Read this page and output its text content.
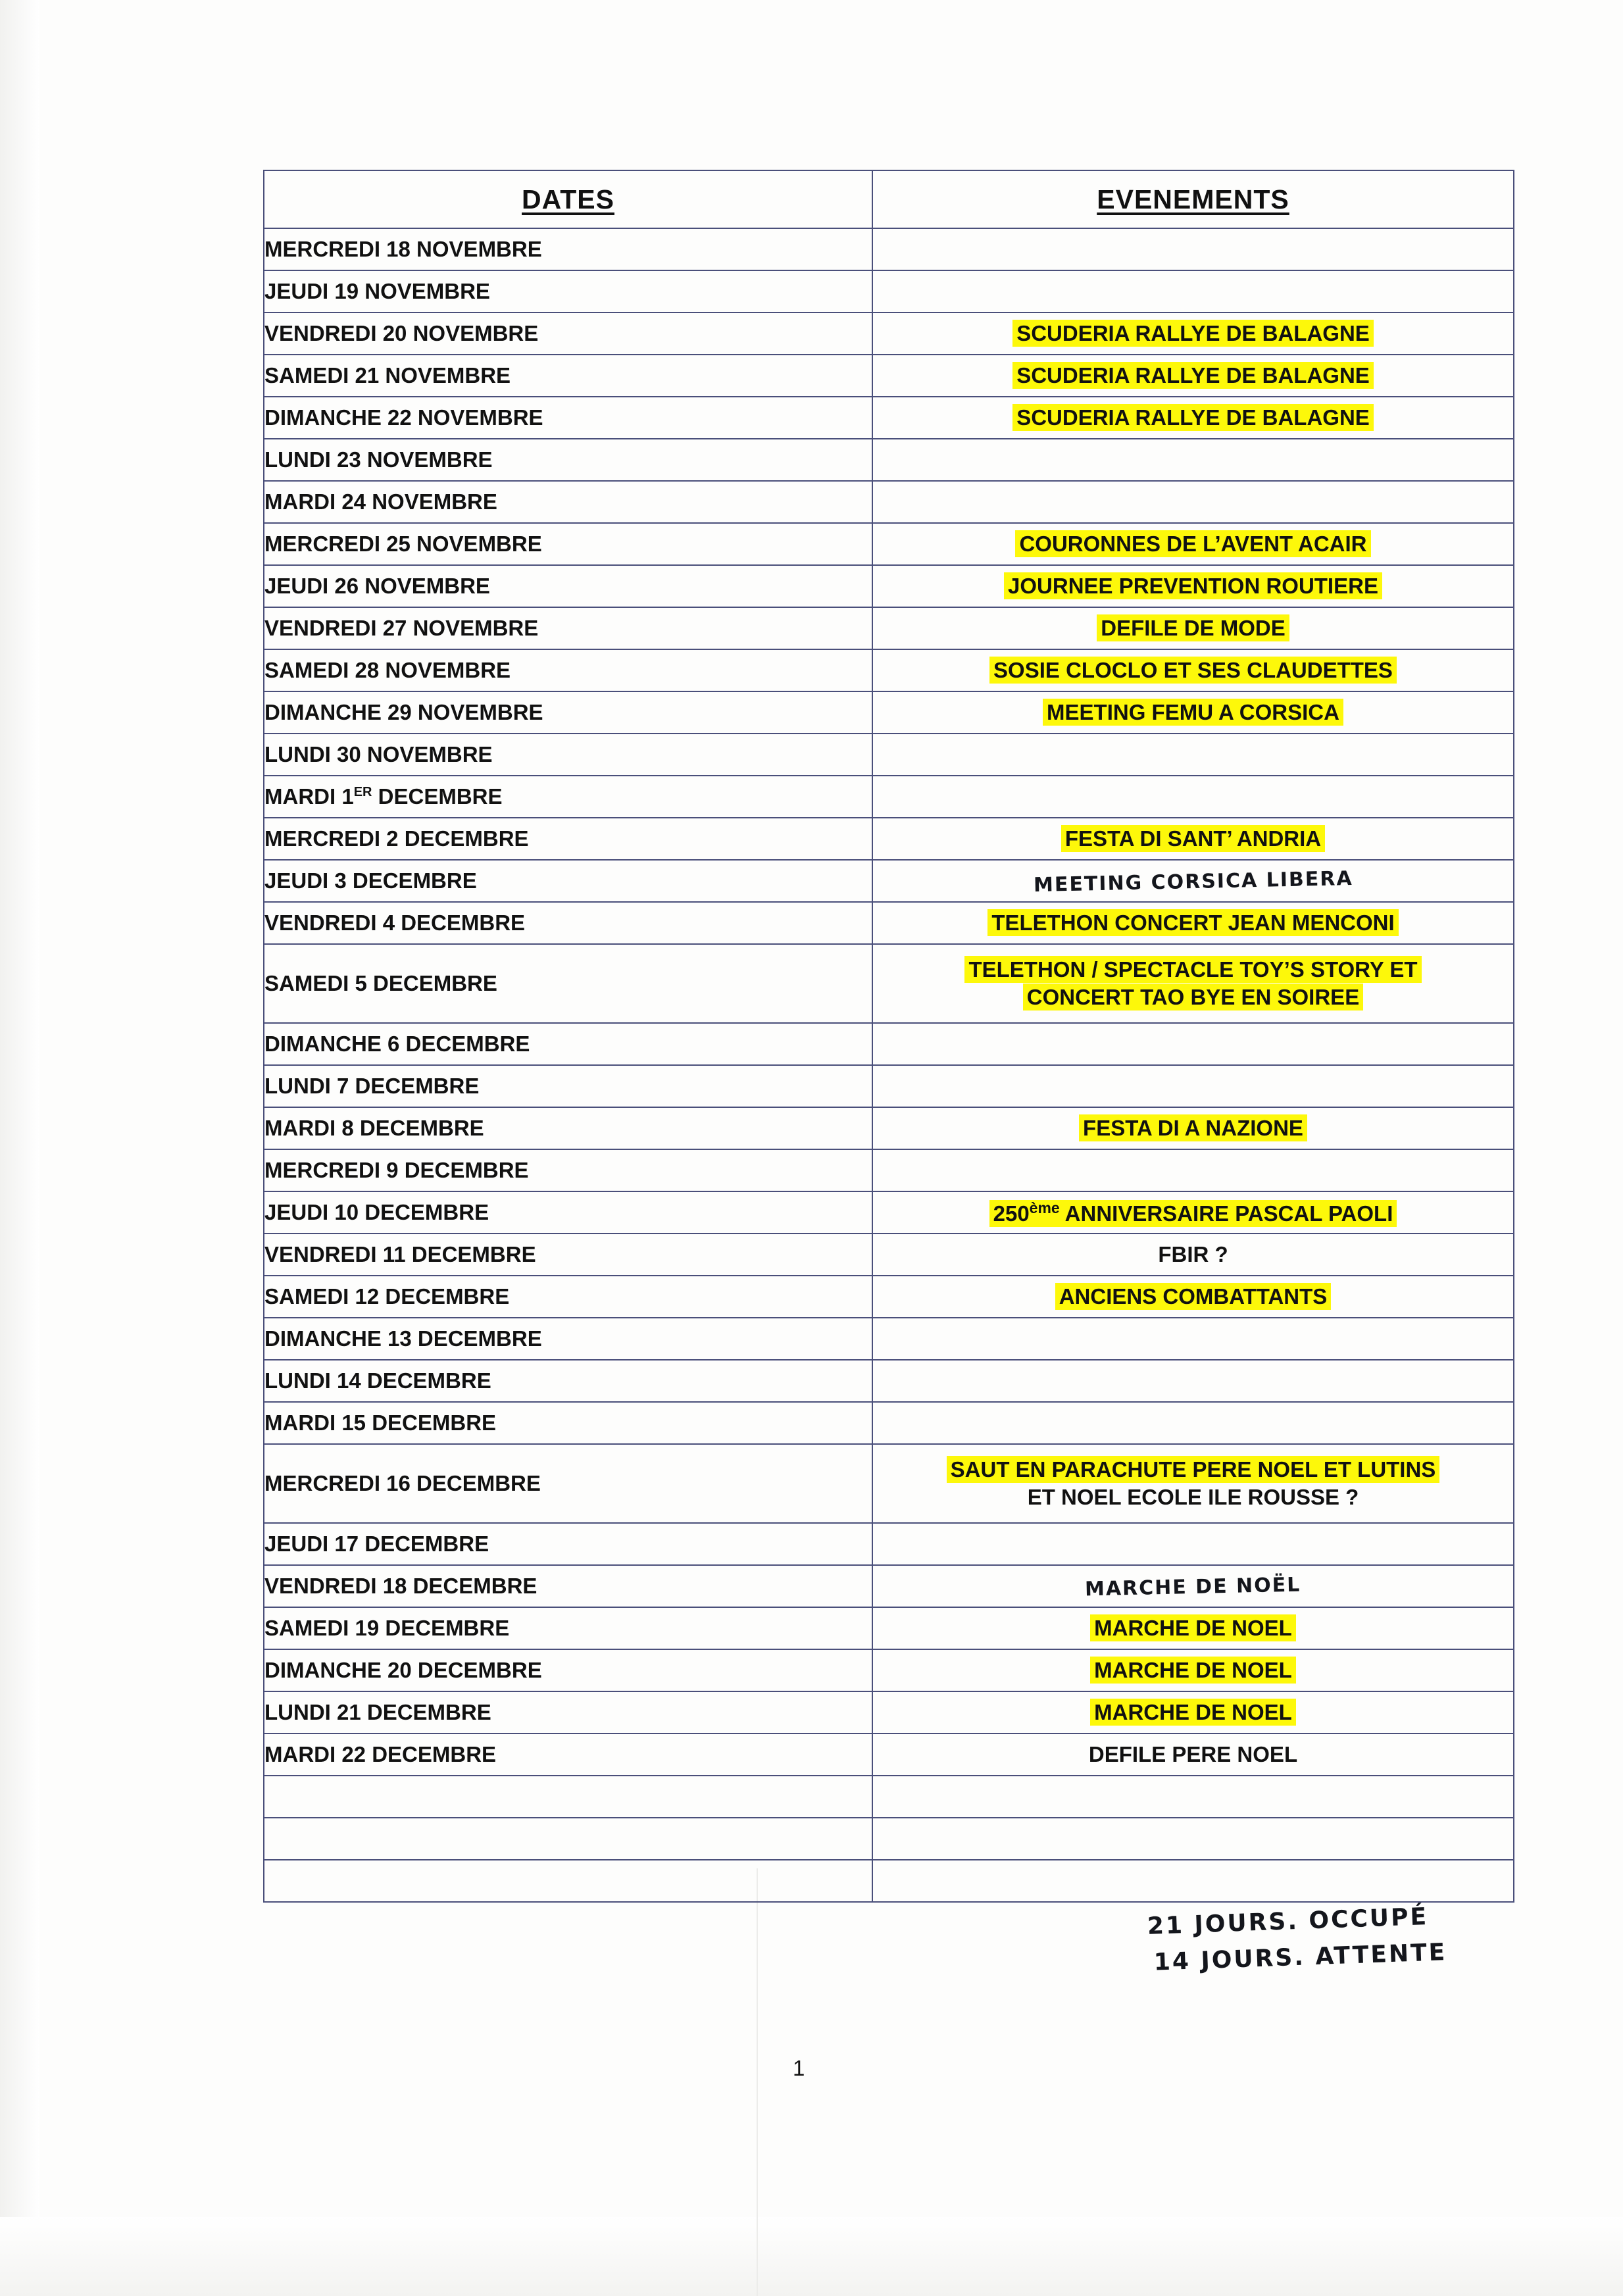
DATES	EVENEMENTS
MERCREDI 18 NOVEMBRE	
JEUDI 19 NOVEMBRE	
VENDREDI 20 NOVEMBRE	SCUDERIA RALLYE DE BALAGNE
SAMEDI 21 NOVEMBRE	SCUDERIA RALLYE DE BALAGNE
DIMANCHE 22 NOVEMBRE	SCUDERIA RALLYE DE BALAGNE
LUNDI 23 NOVEMBRE	
MARDI 24 NOVEMBRE	
MERCREDI 25 NOVEMBRE	COURONNES DE L’AVENT ACAIR
JEUDI 26 NOVEMBRE	JOURNEE PREVENTION ROUTIERE
VENDREDI 27 NOVEMBRE	DEFILE DE MODE
SAMEDI 28 NOVEMBRE	SOSIE CLOCLO ET SES CLAUDETTES
DIMANCHE 29 NOVEMBRE	MEETING FEMU A CORSICA
LUNDI 30 NOVEMBRE	
MARDI 1ER DECEMBRE	
MERCREDI 2 DECEMBRE	FESTA DI SANT’ ANDRIA
JEUDI 3 DECEMBRE	MEETING CORSICA LIBERA
VENDREDI 4 DECEMBRE	TELETHON CONCERT JEAN MENCONI
SAMEDI 5 DECEMBRE	TELETHON / SPECTACLE TOY’S STORY ET
CONCERT TAO BYE EN SOIREE

DIMANCHE 6 DECEMBRE	
LUNDI 7 DECEMBRE	
MARDI 8 DECEMBRE	FESTA DI A NAZIONE
MERCREDI 9 DECEMBRE	
JEUDI 10 DECEMBRE	250ème ANNIVERSAIRE PASCAL PAOLI
VENDREDI 11 DECEMBRE	FBIR ?
SAMEDI 12 DECEMBRE	ANCIENS COMBATTANTS
DIMANCHE 13 DECEMBRE	
LUNDI 14 DECEMBRE	
MARDI 15 DECEMBRE	
MERCREDI 16 DECEMBRE	SAUT EN PARACHUTE PERE NOEL ET LUTINS
ET NOEL ECOLE ILE ROUSSE ?

JEUDI 17 DECEMBRE	
VENDREDI 18 DECEMBRE	MARCHE DE NOËL
SAMEDI 19 DECEMBRE	MARCHE DE NOEL
DIMANCHE 20 DECEMBRE	MARCHE DE NOEL
LUNDI 21 DECEMBRE	MARCHE DE NOEL
MARDI 22 DECEMBRE	DEFILE PERE NOEL

21 JOURS. OCCUPÉ
14 JOURS. ATTENTE
1
